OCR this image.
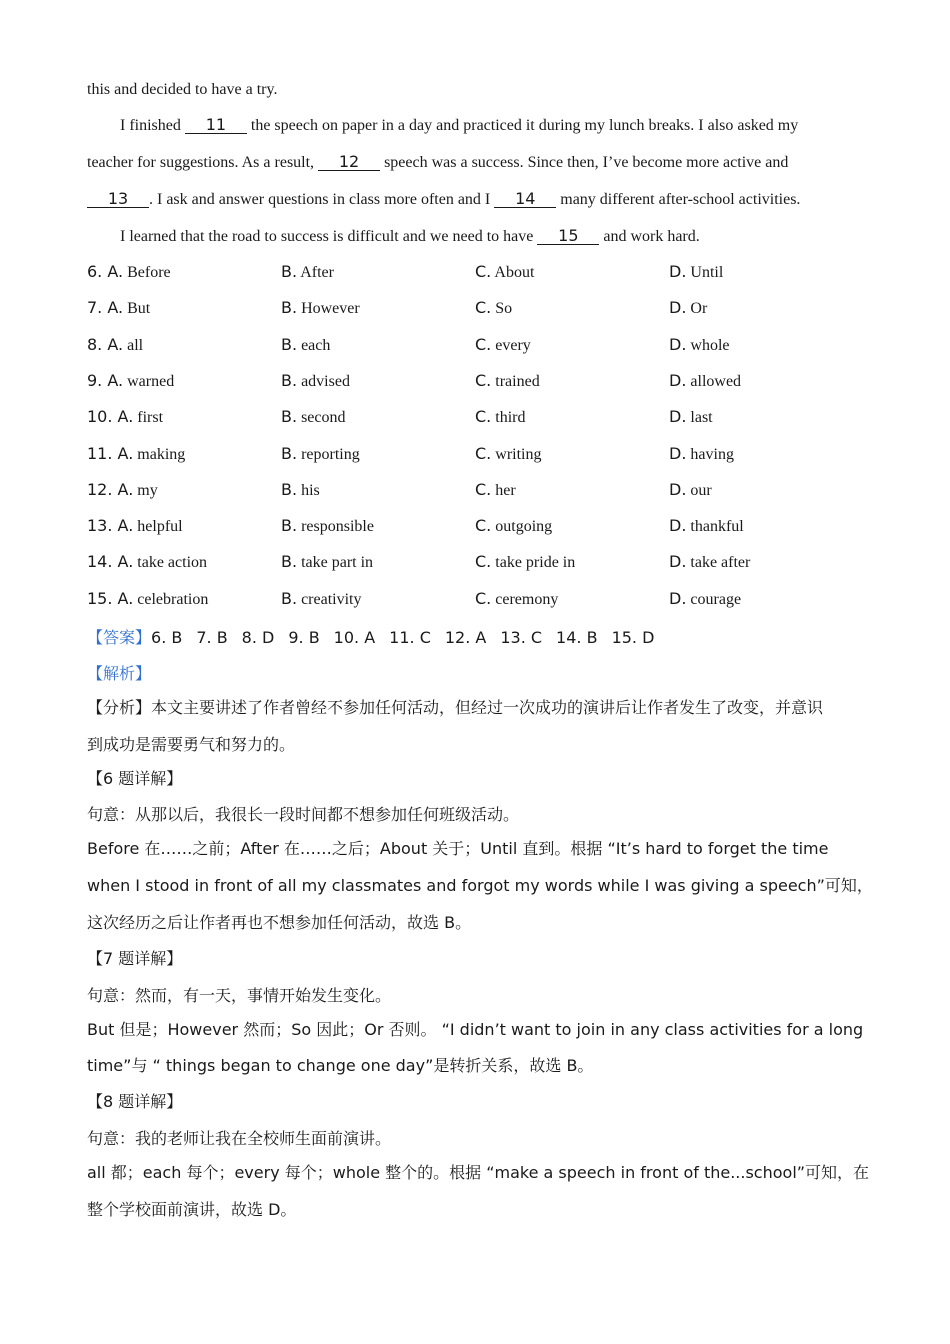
this and decided to have a try.
I finished 11 the speech on paper in a day and practiced it during my lunch breaks. I also asked my
teacher for suggestions. As a result, 12 speech was a success. Since then, I’ve become more active and
13 . I ask and answer questions in class more often and I 14 many different after-school activities.
I learned that the road to success is difficult and we need to have 15 and work hard.
6. A. Before	B. After	C. About	D. Until
7. A. But	B. However	C. So	D. Or
8. A. all	B. each	C. every	D. whole
9. A. warned	B. advised	C. trained	D. allowed
10. A. first	B. second	C. third	D. last
11. A. making	B. reporting	C. writing	D. having
12. A. my	B. his	C. her	D. our
13. A. helpful	B. responsible	C. outgoing	D. thankful
14. A. take action	B. take part in	C. take pride in	D. take after
15. A. celebration	B. creativity	C. ceremony	D. courage
【答案】6. B 7. B 8. D 9. B 10. A 11. C 12. A 13. C 14. B 15. D
【解析】
【分析】本文主要讲述了作者曾经不参加任何活动，但经过一次成功的演讲后让作者发生了改变，并意识
到成功是需要勇气和努力的。
【6 题详解】
句意：从那以后，我很长一段时间都不想参加任何班级活动。
Before 在……之前；After 在……之后；About 关于；Until 直到。根据 “It’s hard to forget the time
when I stood in front of all my classmates and forgot my words while I was giving a speech”可知，
这次经历之后让作者再也不想参加任何活动，故选 B。
【7 题详解】
句意：然而，有一天，事情开始发生变化。
But 但是；However 然而；So 因此；Or 否则。 “I didn’t want to join in any class activities for a long
time”与 “ things began to change one day”是转折关系，故选 B。
【8 题详解】
句意：我的老师让我在全校师生面前演讲。
all 都；each 每个；every 每个；whole 整个的。根据 “make a speech in front of the...school”可知，在
整个学校面前演讲，故选 D。
